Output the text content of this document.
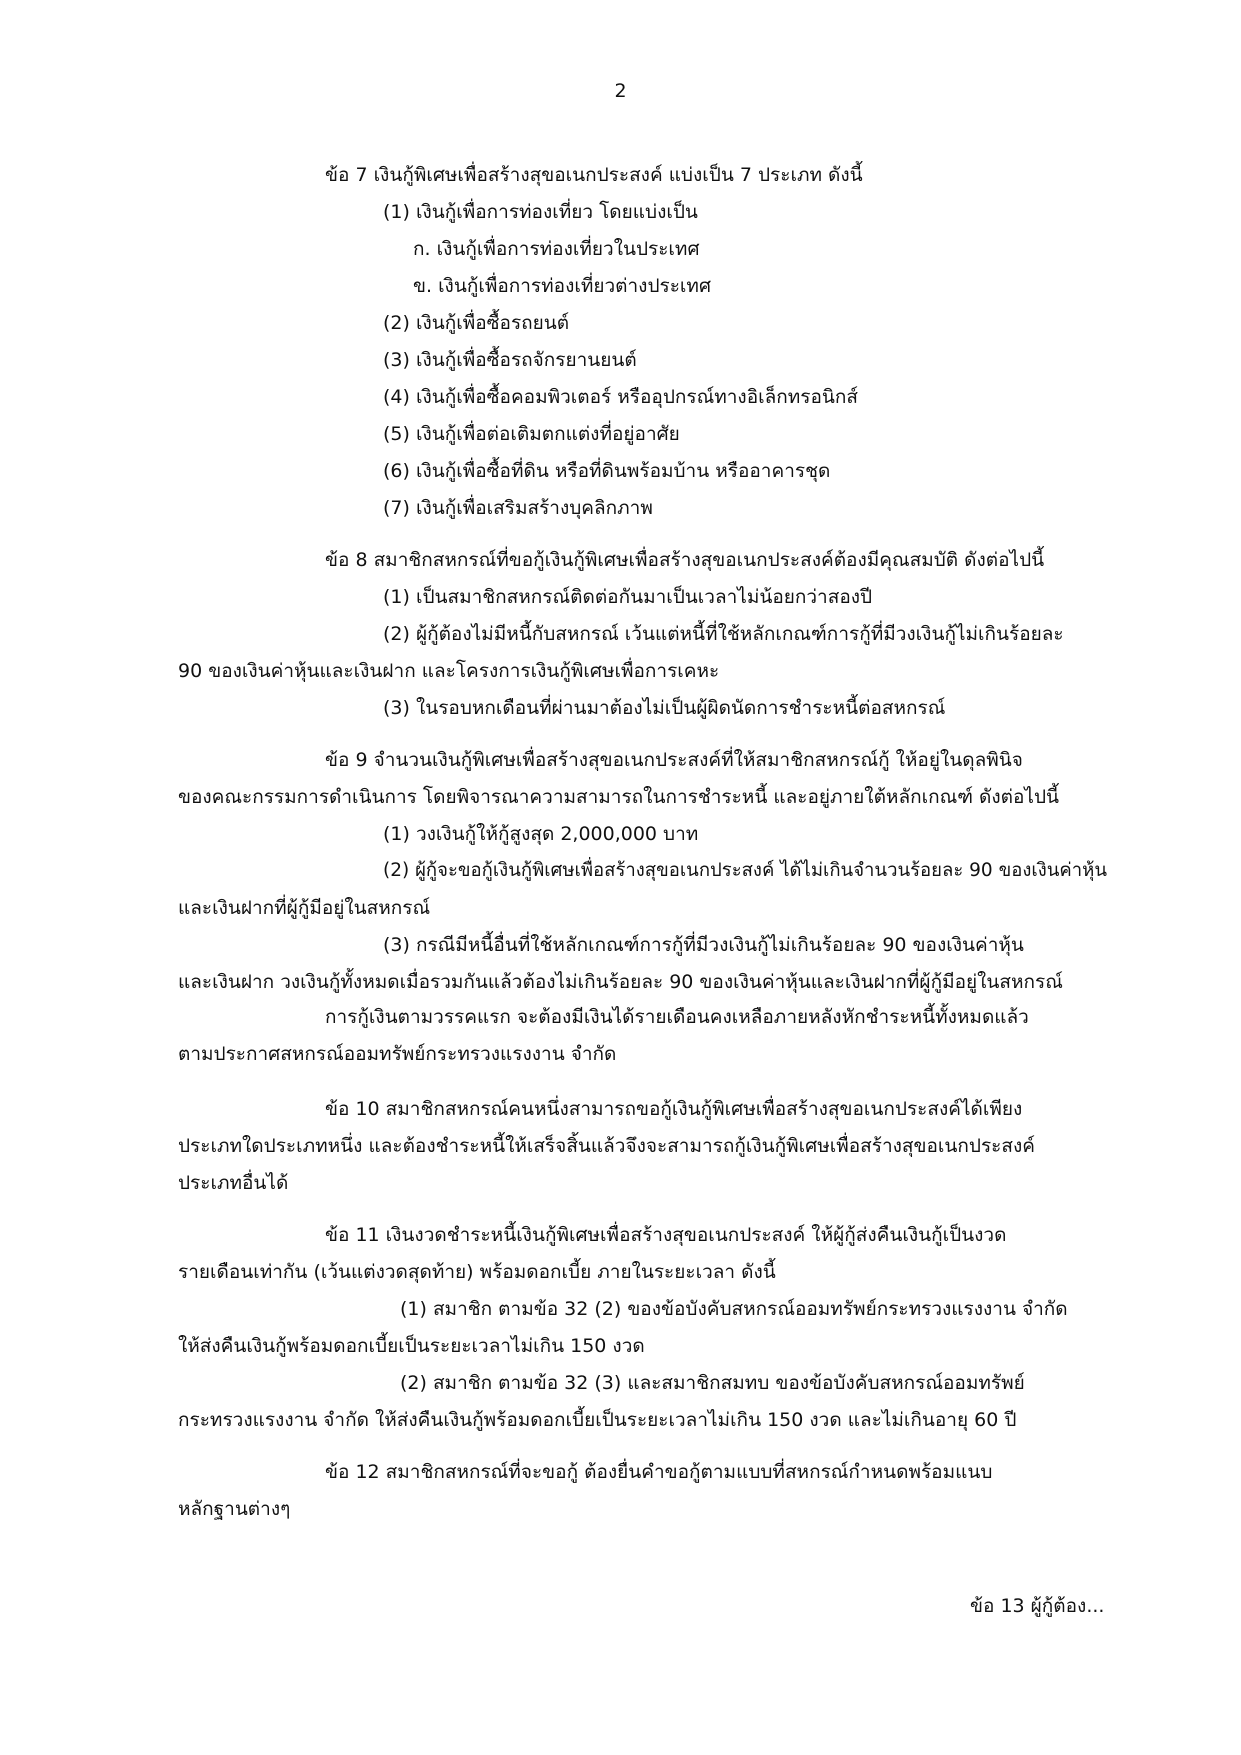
2
ข้อ 7 เงินกู้พิเศษเพื่อสร้างสุขอเนกประสงค์ แบ่งเป็น 7 ประเภท ดังนี้
(1) เงินกู้เพื่อการท่องเที่ยว โดยแบ่งเป็น
ก. เงินกู้เพื่อการท่องเที่ยวในประเทศ
ข. เงินกู้เพื่อการท่องเที่ยวต่างประเทศ
(2) เงินกู้เพื่อซื้อรถยนต์
(3) เงินกู้เพื่อซื้อรถจักรยานยนต์
(4) เงินกู้เพื่อซื้อคอมพิวเตอร์ หรืออุปกรณ์ทางอิเล็กทรอนิกส์
(5) เงินกู้เพื่อต่อเติมตกแต่งที่อยู่อาศัย
(6) เงินกู้เพื่อซื้อที่ดิน หรือที่ดินพร้อมบ้าน หรืออาคารชุด
(7) เงินกู้เพื่อเสริมสร้างบุคลิกภาพ
ข้อ 8 สมาชิกสหกรณ์ที่ขอกู้เงินกู้พิเศษเพื่อสร้างสุขอเนกประสงค์ต้องมีคุณสมบัติ ดังต่อไปนี้
(1) เป็นสมาชิกสหกรณ์ติดต่อกันมาเป็นเวลาไม่น้อยกว่าสองปี
(2) ผู้กู้ต้องไม่มีหนี้กับสหกรณ์ เว้นแต่หนี้ที่ใช้หลักเกณฑ์การกู้ที่มีวงเงินกู้ไม่เกินร้อยละ
90 ของเงินค่าหุ้นและเงินฝาก และโครงการเงินกู้พิเศษเพื่อการเคหะ
(3) ในรอบหกเดือนที่ผ่านมาต้องไม่เป็นผู้ผิดนัดการชำระหนี้ต่อสหกรณ์
ข้อ 9 จำนวนเงินกู้พิเศษเพื่อสร้างสุขอเนกประสงค์ที่ให้สมาชิกสหกรณ์กู้ ให้อยู่ในดุลพินิจ
ของคณะกรรมการดำเนินการ โดยพิจารณาความสามารถในการชำระหนี้ และอยู่ภายใต้หลักเกณฑ์ ดังต่อไปนี้
(1) วงเงินกู้ให้กู้สูงสุด 2,000,000 บาท
(2) ผู้กู้จะขอกู้เงินกู้พิเศษเพื่อสร้างสุขอเนกประสงค์ ได้ไม่เกินจำนวนร้อยละ 90 ของเงินค่าหุ้น
และเงินฝากที่ผู้กู้มีอยู่ในสหกรณ์
(3) กรณีมีหนี้อื่นที่ใช้หลักเกณฑ์การกู้ที่มีวงเงินกู้ไม่เกินร้อยละ 90 ของเงินค่าหุ้น
และเงินฝาก วงเงินกู้ทั้งหมดเมื่อรวมกันแล้วต้องไม่เกินร้อยละ 90 ของเงินค่าหุ้นและเงินฝากที่ผู้กู้มีอยู่ในสหกรณ์
การกู้เงินตามวรรคแรก จะต้องมีเงินได้รายเดือนคงเหลือภายหลังหักชำระหนี้ทั้งหมดแล้ว
ตามประกาศสหกรณ์ออมทรัพย์กระทรวงแรงงาน จำกัด
ข้อ 10 สมาชิกสหกรณ์คนหนึ่งสามารถขอกู้เงินกู้พิเศษเพื่อสร้างสุขอเนกประสงค์ได้เพียง
ประเภทใดประเภทหนึ่ง และต้องชำระหนี้ให้เสร็จสิ้นแล้วจึงจะสามารถกู้เงินกู้พิเศษเพื่อสร้างสุขอเนกประสงค์
ประเภทอื่นได้
ข้อ 11 เงินงวดชำระหนี้เงินกู้พิเศษเพื่อสร้างสุขอเนกประสงค์ ให้ผู้กู้ส่งคืนเงินกู้เป็นงวด
รายเดือนเท่ากัน (เว้นแต่งวดสุดท้าย) พร้อมดอกเบี้ย ภายในระยะเวลา ดังนี้
(1) สมาชิก ตามข้อ 32 (2) ของข้อบังคับสหกรณ์ออมทรัพย์กระทรวงแรงงาน จำกัด
ให้ส่งคืนเงินกู้พร้อมดอกเบี้ยเป็นระยะเวลาไม่เกิน 150 งวด
(2) สมาชิก ตามข้อ 32 (3) และสมาชิกสมทบ ของข้อบังคับสหกรณ์ออมทรัพย์
กระทรวงแรงงาน จำกัด ให้ส่งคืนเงินกู้พร้อมดอกเบี้ยเป็นระยะเวลาไม่เกิน 150 งวด และไม่เกินอายุ 60 ปี
ข้อ 12 สมาชิกสหกรณ์ที่จะขอกู้ ต้องยื่นคำขอกู้ตามแบบที่สหกรณ์กำหนดพร้อมแนบ
หลักฐานต่างๆ
ข้อ 13 ผู้กู้ต้อง...
